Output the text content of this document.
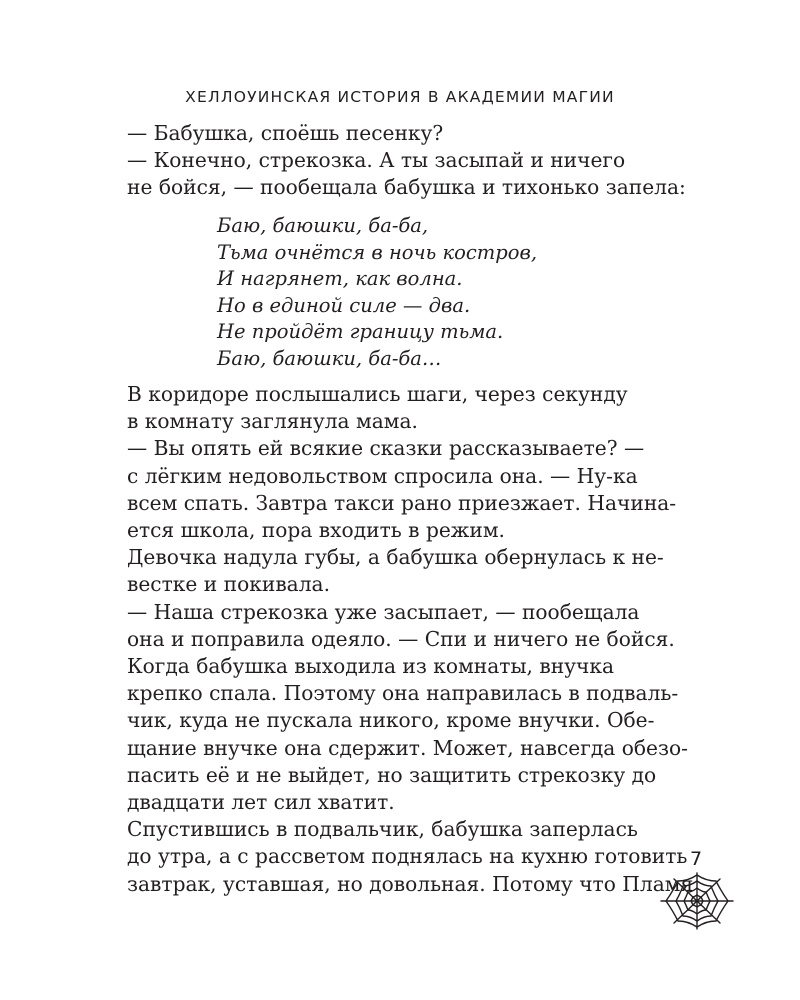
ХЕЛЛОУИНСКАЯ ИСТОРИЯ В АКАДЕМИИ МАГИИ
— Бабушка, споёшь песенку?
— Конечно, стрекозка. А ты засыпай и ничего
не бойся, — пообещала бабушка и тихонько запела:
Баю, баюшки, ба-ба,
Тьма очнётся в ночь костров,
И нагрянет, как волна.
Но в единой силе — два.
Не пройдёт границу тьма.
Баю, баюшки, ба-ба…
В коридоре послышались шаги, через секунду
в комнату заглянула мама.
— Вы опять ей всякие сказки рассказываете? —
с лёгким недовольством спросила она. — Ну-ка
всем спать. Завтра такси рано приезжает. Начина-
ется школа, пора входить в режим.
Девочка надула губы, а бабушка обернулась к не-
вестке и покивала.
— Наша стрекозка уже засыпает, — пообещала
она и поправила одеяло. — Спи и ничего не бойся.
Когда бабушка выходила из комнаты, внучка
крепко спала. Поэтому она направилась в подваль-
чик, куда не пускала никого, кроме внучки. Обе-
щание внучке она сдержит. Может, навсегда обезо-
пасить её и не выйдет, но защитить стрекозку до
двадцати лет сил хватит.
Спустившись в подвальчик, бабушка заперлась
до утра, а с рассветом поднялась на кухню готовить
завтрак, уставшая, но довольная. Потому что Пламя
7
